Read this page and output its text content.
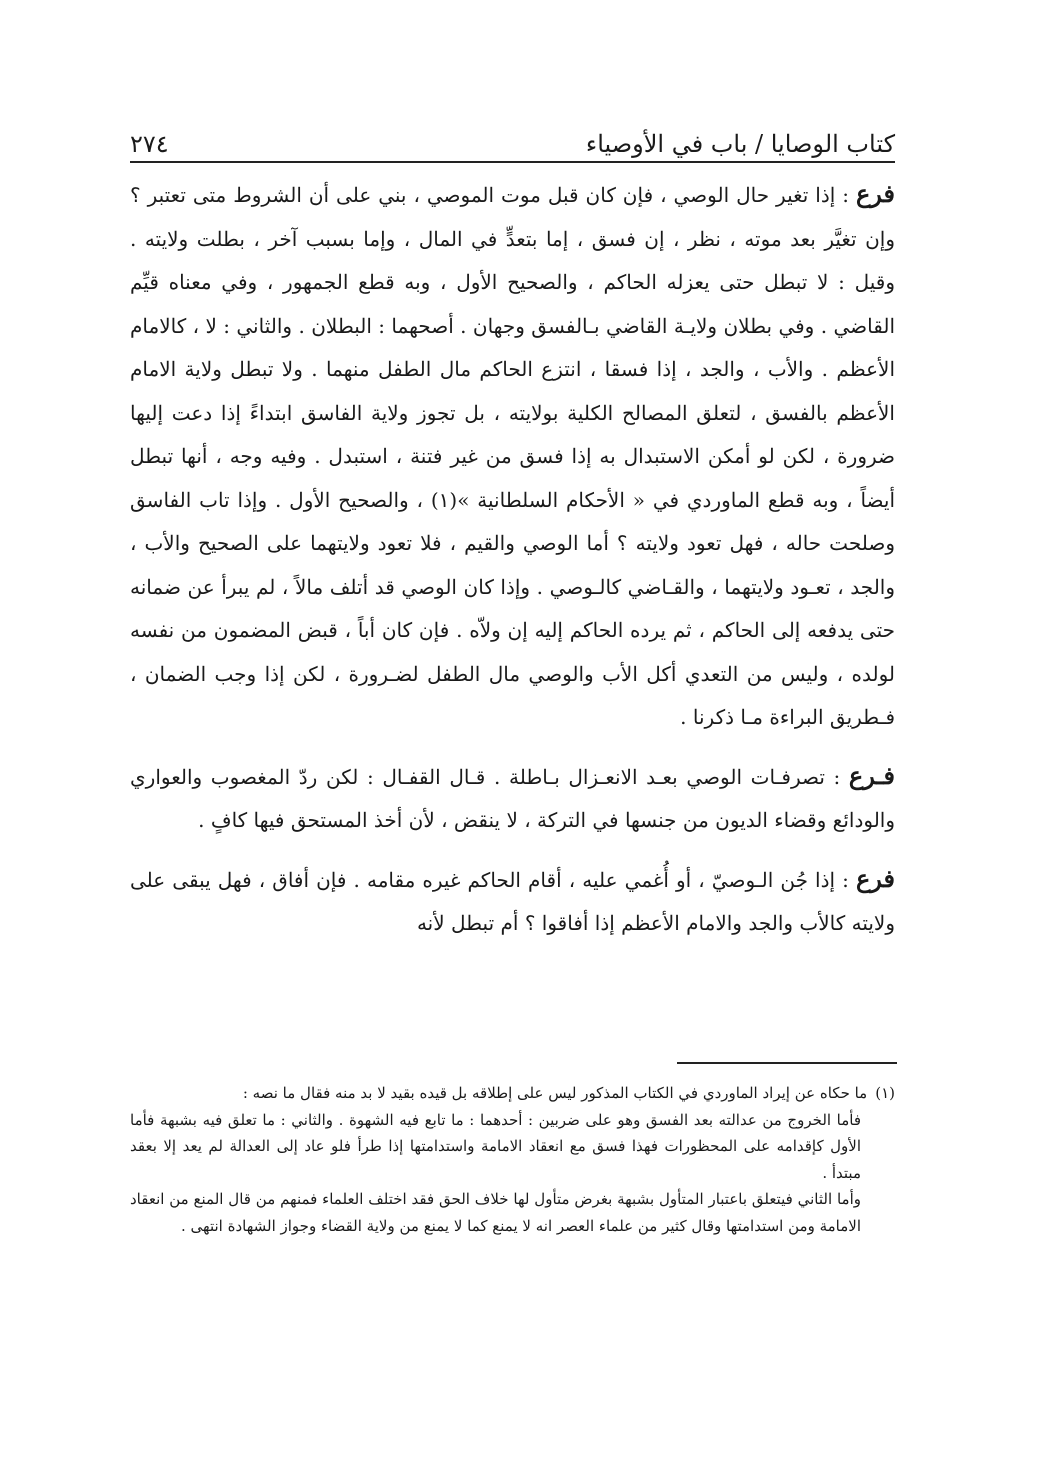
كتاب الوصايا / باب في الأوصياء
٢٧٤

فرع : إذا تغير حال الوصي ، فإن كان قبل موت الموصي ، بني على أن الشروط متى تعتبر ؟ وإن تغيَّر بعد موته ، نظر ، إن فسق ، إما بتعدٍّ في المال ، وإما بسبب آخر ، بطلت ولايته . وقيل : لا تبطل حتى يعزله الحاكم ، والصحيح الأول ، وبه قطع الجمهور ، وفي معناه قيِّم القاضي . وفي بطلان ولايـة القاضي بـالفسق وجهان . أصحهما : البطلان . والثاني : لا ، كالامام الأعظم . والأب ، والجد ، إذا فسقا ، انتزع الحاكم مال الطفل منهما . ولا تبطل ولاية الامام الأعظم بالفسق ، لتعلق المصالح الكلية بولايته ، بل تجوز ولاية الفاسق ابتداءً إذا دعت إليها ضرورة ، لكن لو أمكن الاستبدال به إذا فسق من غير فتنة ، استبدل . وفيه وجه ، أنها تبطل أيضاً ، وبه قطع الماوردي في « الأحكام السلطانية »(١) ، والصحيح الأول . وإذا تاب الفاسق وصلحت حاله ، فهل تعود ولايته ؟ أما الوصي والقيم ، فلا تعود ولايتهما على الصحيح والأب ، والجد ، تعـود ولايتهما ، والقـاضي كالـوصي . وإذا كان الوصي قد أتلف مالاً ، لم يبرأ عن ضمانه حتى يدفعه إلى الحاكم ، ثم يرده الحاكم إليه إن ولاّه . فإن كان أباً ، قبض المضمون من نفسه لولده ، وليس من التعدي أكل الأب والوصي مال الطفل لضـرورة ، لكن إذا وجب الضمان ، فـطريق البراءة مـا ذكرنا .

فـرع : تصرفـات الوصي بعـد الانعـزال بـاطلة . قـال القفـال : لكن ردّ المغصوب والعواري والودائع وقضاء الديون من جنسها في التركة ، لا ينقض ، لأن أخذ المستحق فيها كافٍ .

فرع : إذا جُن الـوصيّ ، أو أُغمي عليه ، أقام الحاكم غيره مقامه . فإن أفاق ، فهل يبقى على ولايته كالأب والجد والامام الأعظم إذا أفاقوا ؟ أم تبطل لأنه

(١)ما حكاه عن إيراد الماوردي في الكتاب المذكور ليس على إطلاقه بل قيده بقيد لا بد منه فقال ما نصه :

فأما الخروج من عدالته بعد الفسق وهو على ضربين : أحدهما : ما تابع فيه الشهوة . والثاني : ما تعلق فيه بشبهة فأما الأول كإقدامه على المحظورات فهذا فسق مع انعقاد الامامة واستدامتها إذا طرأ فلو عاد إلى العدالة لم يعد إلا بعقد مبتدأ .

وأما الثاني فيتعلق باعتبار المتأول بشبهة بغرض متأول لها خلاف الحق فقد اختلف العلماء فمنهم من قال المنع من انعقاد الامامة ومن استدامتها وقال كثير من علماء العصر انه لا يمنع كما لا يمنع من ولاية القضاء وجواز الشهادة انتهى .
